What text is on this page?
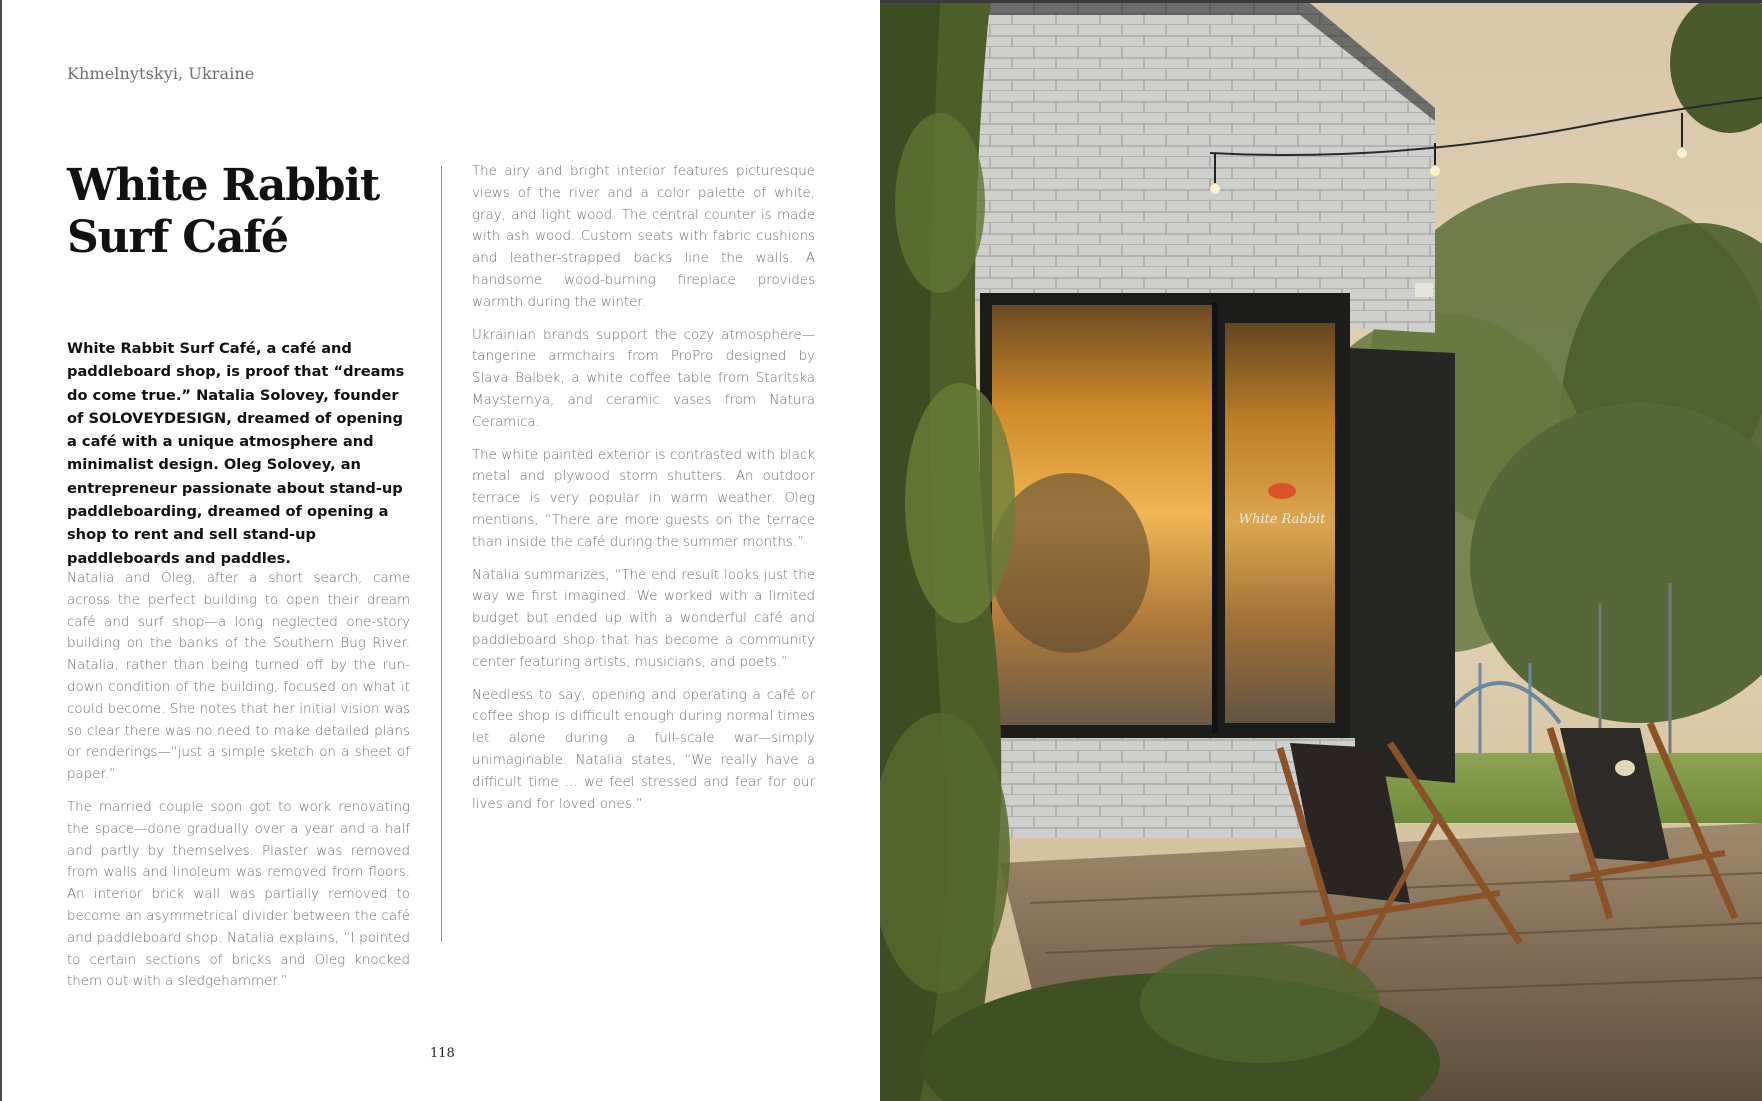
Khmelnytskyi, Ukraine
White Rabbit
Surf Café

White Rabbit Surf Café, a café and paddleboard shop, is proof that “dreams do come true.” Natalia Solovey, founder of SOLOVEYDESIGN, dreamed of opening a café with a unique atmosphere and minimalist design. Oleg Solovey, an entrepreneur passionate about stand-up paddleboarding, dreamed of opening a shop to rent and sell stand-up paddleboards and paddles.

Natalia and Oleg, after a short search, came across the perfect building to open their dream café and surf shop—a long neglected one-story building on the banks of the Southern Bug River. Natalia, rather than being turned off by the run-down condition of the building, focused on what it could become. She notes that her initial vision was so clear there was no need to make detailed plans or renderings—“just a simple sketch on a sheet of paper.”

The married couple soon got to work renovating the space—done gradually over a year and a half and partly by themselves. Plaster was removed from walls and linoleum was removed from floors. An interior brick wall was partially removed to become an asymmetrical divider between the café and paddleboard shop. Natalia explains, “I pointed to certain sections of bricks and Oleg knocked them out with a sledgehammer.”

The airy and bright interior features picturesque views of the river and a color palette of white, gray, and light wood. The central counter is made with ash wood. Custom seats with fabric cushions and leather-strapped backs line the walls. A handsome wood-burning fireplace provides warmth during the winter.

Ukrainian brands support the cozy atmosphere—tangerine armchairs from ProPro designed by Slava Balbek, a white coffee table from Staritska Maysternya, and ceramic vases from Natura Ceramica.

The white painted exterior is contrasted with black metal and plywood storm shutters. An outdoor terrace is very popular in warm weather. Oleg mentions, “There are more guests on the terrace than inside the café during the summer months.”

Natalia summarizes, “The end result looks just the way we first imagined. We worked with a limited budget but ended up with a wonderful café and paddleboard shop that has become a community center featuring artists, musicians, and poets.”

Needless to say, opening and operating a café or coffee shop is difficult enough during normal times let alone during a full-scale war—simply unimaginable. Natalia states, “We really have a difficult time ... we feel stressed and fear for our lives and for loved ones.”

118
White Rabbit
